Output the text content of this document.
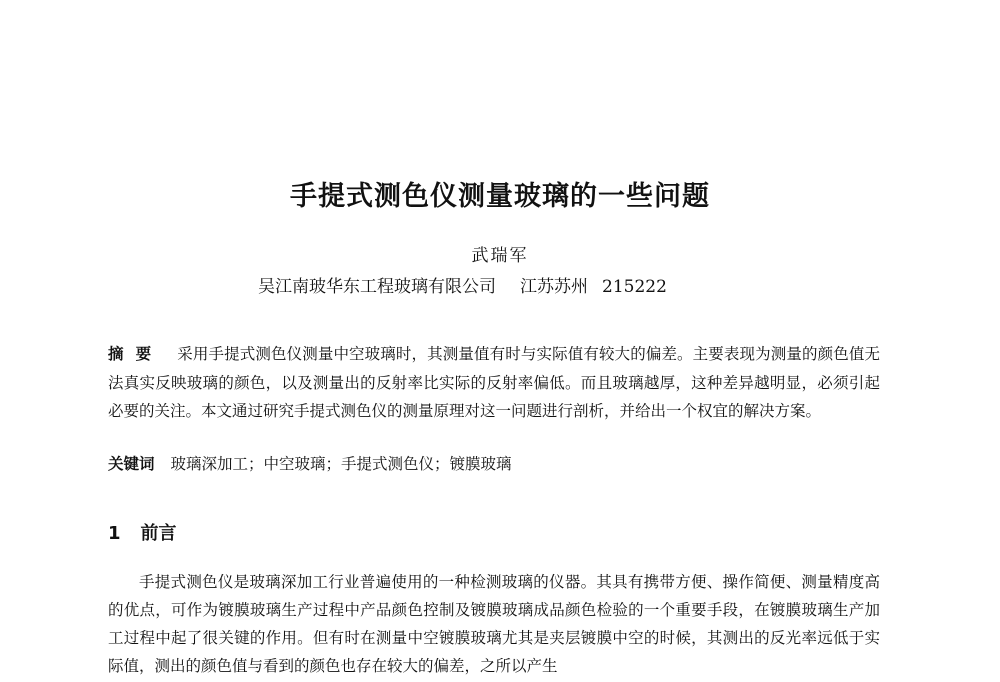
手提式测色仪测量玻璃的一些问题
武瑞军
吴江南玻华东工程玻璃有限公司 江苏苏州 215222
摘要 采用手提式测色仪测量中空玻璃时，其测量值有时与实际值有较大的偏差。主要表现为测量的颜色值无法真实反映玻璃的颜色，以及测量出的反射率比实际的反射率偏低。而且玻璃越厚，这种差异越明显，必须引起必要的关注。本文通过研究手提式测色仪的测量原理对这一问题进行剖析，并给出一个权宜的解决方案。
关键词 玻璃深加工；中空玻璃；手提式测色仪；镀膜玻璃
1 前言
手提式测色仪是玻璃深加工行业普遍使用的一种检测玻璃的仪器。其具有携带方便、操作简便、测量精度高的优点，可作为镀膜玻璃生产过程中产品颜色控制及镀膜玻璃成品颜色检验的一个重要手段，在镀膜玻璃生产加工过程中起了很关键的作用。但有时在测量中空镀膜玻璃尤其是夹层镀膜中空的时候，其测出的反光率远低于实际值，测出的颜色值与看到的颜色也存在较大的偏差，之所以产生
